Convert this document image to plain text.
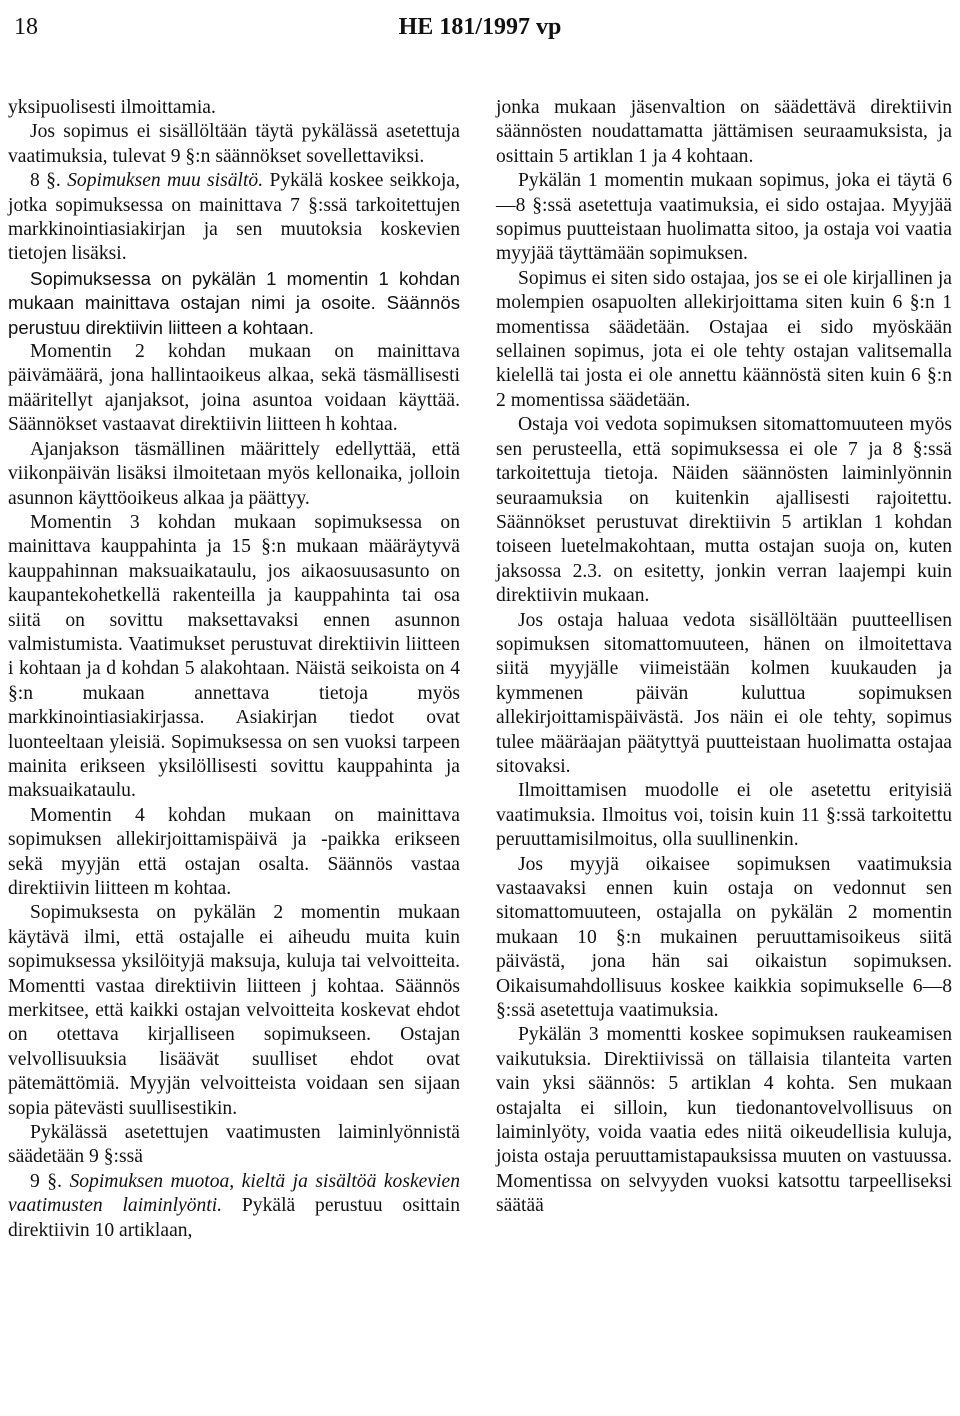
18	HE 181/1997 vp

yksipuolisesti ilmoittamia.

Jos sopimus ei sisällöltään täytä pykälässä asetettuja vaatimuksia, tulevat 9 §:n säännökset sovellettaviksi.

8 §. Sopimuksen muu sisältö. Pykälä koskee seikkoja, jotka sopimuksessa on mainittava 7 §:ssä tarkoitettujen markkinointiasiakirjan ja sen muutoksia koskevien tietojen lisäksi.

Sopimuksessa on pykälän 1 momentin 1 kohdan mukaan mainittava ostajan nimi ja osoite. Säännös perustuu direktiivin liitteen a kohtaan.

Momentin 2 kohdan mukaan on mainittava päivämäärä, jona hallintaoikeus alkaa, sekä täsmällisesti määritellyt ajanjaksot, joina asuntoa voidaan käyttää. Säännökset vastaavat direktiivin liitteen h kohtaa.

Ajanjakson täsmällinen määrittely edellyttää, että viikonpäivän lisäksi ilmoitetaan myös kellonaika, jolloin asunnon käyttöoikeus alkaa ja päättyy.

Momentin 3 kohdan mukaan sopimuksessa on mainittava kauppahinta ja 15 §:n mukaan määräytyvä kauppahinnan maksuaikataulu, jos aikaosuusasunto on kaupantekohetkellä rakenteilla ja kauppahinta tai osa siitä on sovittu maksettavaksi ennen asunnon valmistumista. Vaatimukset perustuvat direktiivin liitteen i kohtaan ja d kohdan 5 alakohtaan. Näistä seikoista on 4 §:n mukaan annettava tietoja myös markkinointiasiakirjassa. Asiakirjan tiedot ovat luonteeltaan yleisiä. Sopimuksessa on sen vuoksi tarpeen mainita erikseen yksilöllisesti sovittu kauppahinta ja maksuaikataulu.

Momentin 4 kohdan mukaan on mainittava sopimuksen allekirjoittamispäivä ja -paikka erikseen sekä myyjän että ostajan osalta. Säännös vastaa direktiivin liitteen m kohtaa.

Sopimuksesta on pykälän 2 momentin mukaan käytävä ilmi, että ostajalle ei aiheudu muita kuin sopimuksessa yksilöityjä maksuja, kuluja tai velvoitteita. Momentti vastaa direktiivin liitteen j kohtaa. Säännös merkitsee, että kaikki ostajan velvoitteita koskevat ehdot on otettava kirjalliseen sopimukseen. Ostajan velvollisuuksia lisäävät suulliset ehdot ovat pätemättömiä. Myyjän velvoitteista voidaan sen sijaan sopia pätevästi suullisestikin.

Pykälässä asetettujen vaatimusten laiminlyönnistä säädetään 9 §:ssä

9 §. Sopimuksen muotoa, kieltä ja sisältöä koskevien vaatimusten laiminlyönti. Pykälä perustuu osittain direktiivin 10 artiklaan,

jonka mukaan jäsenvaltion on säädettävä direktiivin säännösten noudattamatta jättämisen seuraamuksista, ja osittain 5 artiklan 1 ja 4 kohtaan.

Pykälän 1 momentin mukaan sopimus, joka ei täytä 6—8 §:ssä asetettuja vaatimuksia, ei sido ostajaa. Myyjää sopimus puutteistaan huolimatta sitoo, ja ostaja voi vaatia myyjää täyttämään sopimuksen.

Sopimus ei siten sido ostajaa, jos se ei ole kirjallinen ja molempien osapuolten allekirjoittama siten kuin 6 §:n 1 momentissa säädetään. Ostajaa ei sido myöskään sellainen sopimus, jota ei ole tehty ostajan valitsemalla kielellä tai josta ei ole annettu käännöstä siten kuin 6 §:n 2 momentissa säädetään.

Ostaja voi vedota sopimuksen sitomattomuuteen myös sen perusteella, että sopimuksessa ei ole 7 ja 8 §:ssä tarkoitettuja tietoja. Näiden säännösten laiminlyönnin seuraamuksia on kuitenkin ajallisesti rajoitettu. Säännökset perustuvat direktiivin 5 artiklan 1 kohdan toiseen luetelmakohtaan, mutta ostajan suoja on, kuten jaksossa 2.3. on esitetty, jonkin verran laajempi kuin direktiivin mukaan.

Jos ostaja haluaa vedota sisällöltään puutteellisen sopimuksen sitomattomuuteen, hänen on ilmoitettava siitä myyjälle viimeistään kolmen kuukauden ja kymmenen päivän kuluttua sopimuksen allekirjoittamispäivästä. Jos näin ei ole tehty, sopimus tulee määräajan päätyttyä puutteistaan huolimatta ostajaa sitovaksi.

Ilmoittamisen muodolle ei ole asetettu erityisiä vaatimuksia. Ilmoitus voi, toisin kuin 11 §:ssä tarkoitettu peruuttamisilmoitus, olla suullinenkin.

Jos myyjä oikaisee sopimuksen vaatimuksia vastaavaksi ennen kuin ostaja on vedonnut sen sitomattomuuteen, ostajalla on pykälän 2 momentin mukaan 10 §:n mukainen peruuttamisoikeus siitä päivästä, jona hän sai oikaistun sopimuksen. Oikaisumahdollisuus koskee kaikkia sopimukselle 6—8 §:ssä asetettuja vaatimuksia.

Pykälän 3 momentti koskee sopimuksen raukeamisen vaikutuksia. Direktiivissä on tällaisia tilanteita varten vain yksi säännös: 5 artiklan 4 kohta. Sen mukaan ostajalta ei silloin, kun tiedonantovelvollisuus on laiminlyöty, voida vaatia edes niitä oikeudellisia kuluja, joista ostaja peruuttamistapauksissa muuten on vastuussa. Momentissa on selvyyden vuoksi katsottu tarpeelliseksi säätää
